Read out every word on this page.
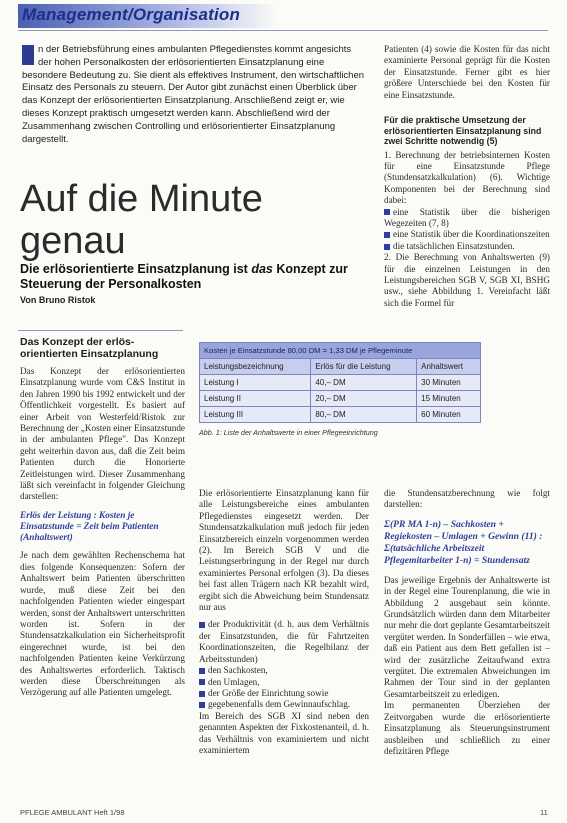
Management/Organisation

n der Betriebsführung eines ambulanten Pflegedienstes kommt angesichts der hohen Personalkosten der erlösorientierten Einsatzplanung eine besondere Bedeutung zu. Sie dient als effektives Instrument, den wirtschaftlichen Einsatz des Personals zu steuern. Der Autor gibt zunächst einen Überblick über das Konzept der erlösorientierten Einsatzplanung. Anschließend zeigt er, wie dieses Konzept praktisch umgesetzt werden kann. Abschließend wird der Zusammenhang zwischen Controlling und erlösorientierter Einsatzplanung dargestellt.

Auf die Minute
genau
Die erlösorientierte Einsatzplanung ist das Konzept zur Steuerung der Personalkosten
Von Bruno Ristok
Patienten (4) sowie die Kosten für das nicht examinierte Personal geprägt für die Kosten der Einsatzstunde. Ferner gibt es hier größere Unterschiede bei den Kosten für eine Einsatzstunde.
Für die praktische Umsetzung der erlösorientierten Einsatzplanung sind zwei Schritte notwendig (5)
1. Berechnung der betriebsinternen Kosten für eine Einsatzstunde Pflege (Stundensatzkalkulation) (6). Wichtige Komponenten bei der Berechnung sind dabei:
eine Statistik über die bisherigen Wegezeiten (7, 8)
eine Statistik über die Koordinationszeiten
die tatsächlichen Einsatzstunden.
2. Die Berechnung von Anhaltswerten (9) für die einzelnen Leistungen in den Leistungsbereichen SGB V, SGB XI, BSHG usw., siehe Abbildung 1. Vereinfacht läßt sich die Formel für
Das Konzept der erlös-orientierten Einsatzplanung
Das Konzept der erlösorientierten Einsatzplanung wurde vom C&S Institut in den Jahren 1990 bis 1992 entwickelt und der Öffentlichkeit vorgestellt. Es basiert auf einer Arbeit von Westerfeld/Ristok zur Berechnung der „Kosten einer Einsatzstunde in der ambulanten Pflege". Das Konzept geht weiterhin davon aus, daß die Zeit beim Patienten durch die Honorierte Zeitleistungen wird. Dieser Zusammenhang läßt sich vereinfacht in folgender Gleichung darstellen:
Erlös der Leistung : Kosten je Einsatzstunde = Zeit beim Patienten (Anhaltswert)
Je nach dem gewählten Rechenschema hat dies folgende Konsequenzen: Sofern der Anhaltswert beim Patienten überschritten wurde, muß diese Zeit bei den nachfolgenden Patienten wieder eingespart werden, sonst der Anhaltswert unterschritten worden ist. Sofern in der Stundensatzkalkulation ein Sicherheitsprofit eingerechnet wurde, ist bei den nachfolgenden Patienten keine Verkürzung des Anhaltswertes erforderlich. Taktisch werden diese Überschreitungen als Verzögerung auf alle Patienten umgelegt.
Kosten je Einsatzstunde 80,00 DM = 1,33 DM je Pflegeminute		
Leistungsbezeichnung	Erlös für die Leistung	Anhaltswert
Leistung I	40,– DM	30 Minuten
Leistung II	20,– DM	15 Minuten
Leistung III	80,– DM	60 Minuten
Abb. 1: Liste der Anhaltswerte in einer Pflegeeinrichtung
Die erlösorientierte Einsatzplanung kann für alle Leistungsbereiche eines ambulanten Pflegedienstes eingesetzt werden. Der Stundensatzkalkulation muß jedoch für jeden Einsatzbereich einzeln vorgenommen werden (2). Im Bereich SGB V und die Leistungserbringung in der Regel nur durch examiniertes Personal erfolgen (3). Da dieses bei fast allen Trägern nach KR bezahlt wird, ergibt sich die Abweichung beim Stundensatz nur aus
der Produktivität (d. h. aus dem Verhältnis der Einsatzstunden, die für Fahrtzeiten Koordinationszeiten, die Regelbilanz der Arbeitsstunden)
den Sachkosten,
den Umlagen,
der Größe der Einrichtung sowie
gegebenenfalls dem Gewinnaufschlag.
Im Bereich des SGB XI sind neben den genannten Aspekten der Fixkostenanteil, d. h. das Verhältnis von examiniertem und nicht examiniertem
die Stundensatzberechnung wie folgt darstellen:
Σ(PR MA 1-n) – Sachkosten + Regiekosten – Umlagen + Gewinn (11) : Σ(tatsächliche Arbeitszeit Pflegemitarbeiter 1-n) = Stundensatz
Das jeweilige Ergebnis der Anhaltswerte ist in der Regel eine Tourenplanung, die wie in Abbildung 2 ausgebaut sein könnte. Grundsätzlich würden dann dem Mitarbeiter nur mehr die dort geplante Gesamtarbeitszeit vergütet werden. In Sonderfällen – wie etwa, daß ein Patient aus dem Bett gefallen ist – wird der zusätzliche Zeitaufwand extra vergütet. Die extremalen Abweichungen im Rahmen der Tour sind in der geplanten Gesamtarbeitszeit zu erledigen.
Im permanenten Überziehen der Zeitvorgaben wurde die erlösorientierte Einsatzplanung als Steuerungsinstrument ausbleiben und schließlich zu einer defizitären Pflege
PFLEGE AMBULANT Heft 1/98	11
